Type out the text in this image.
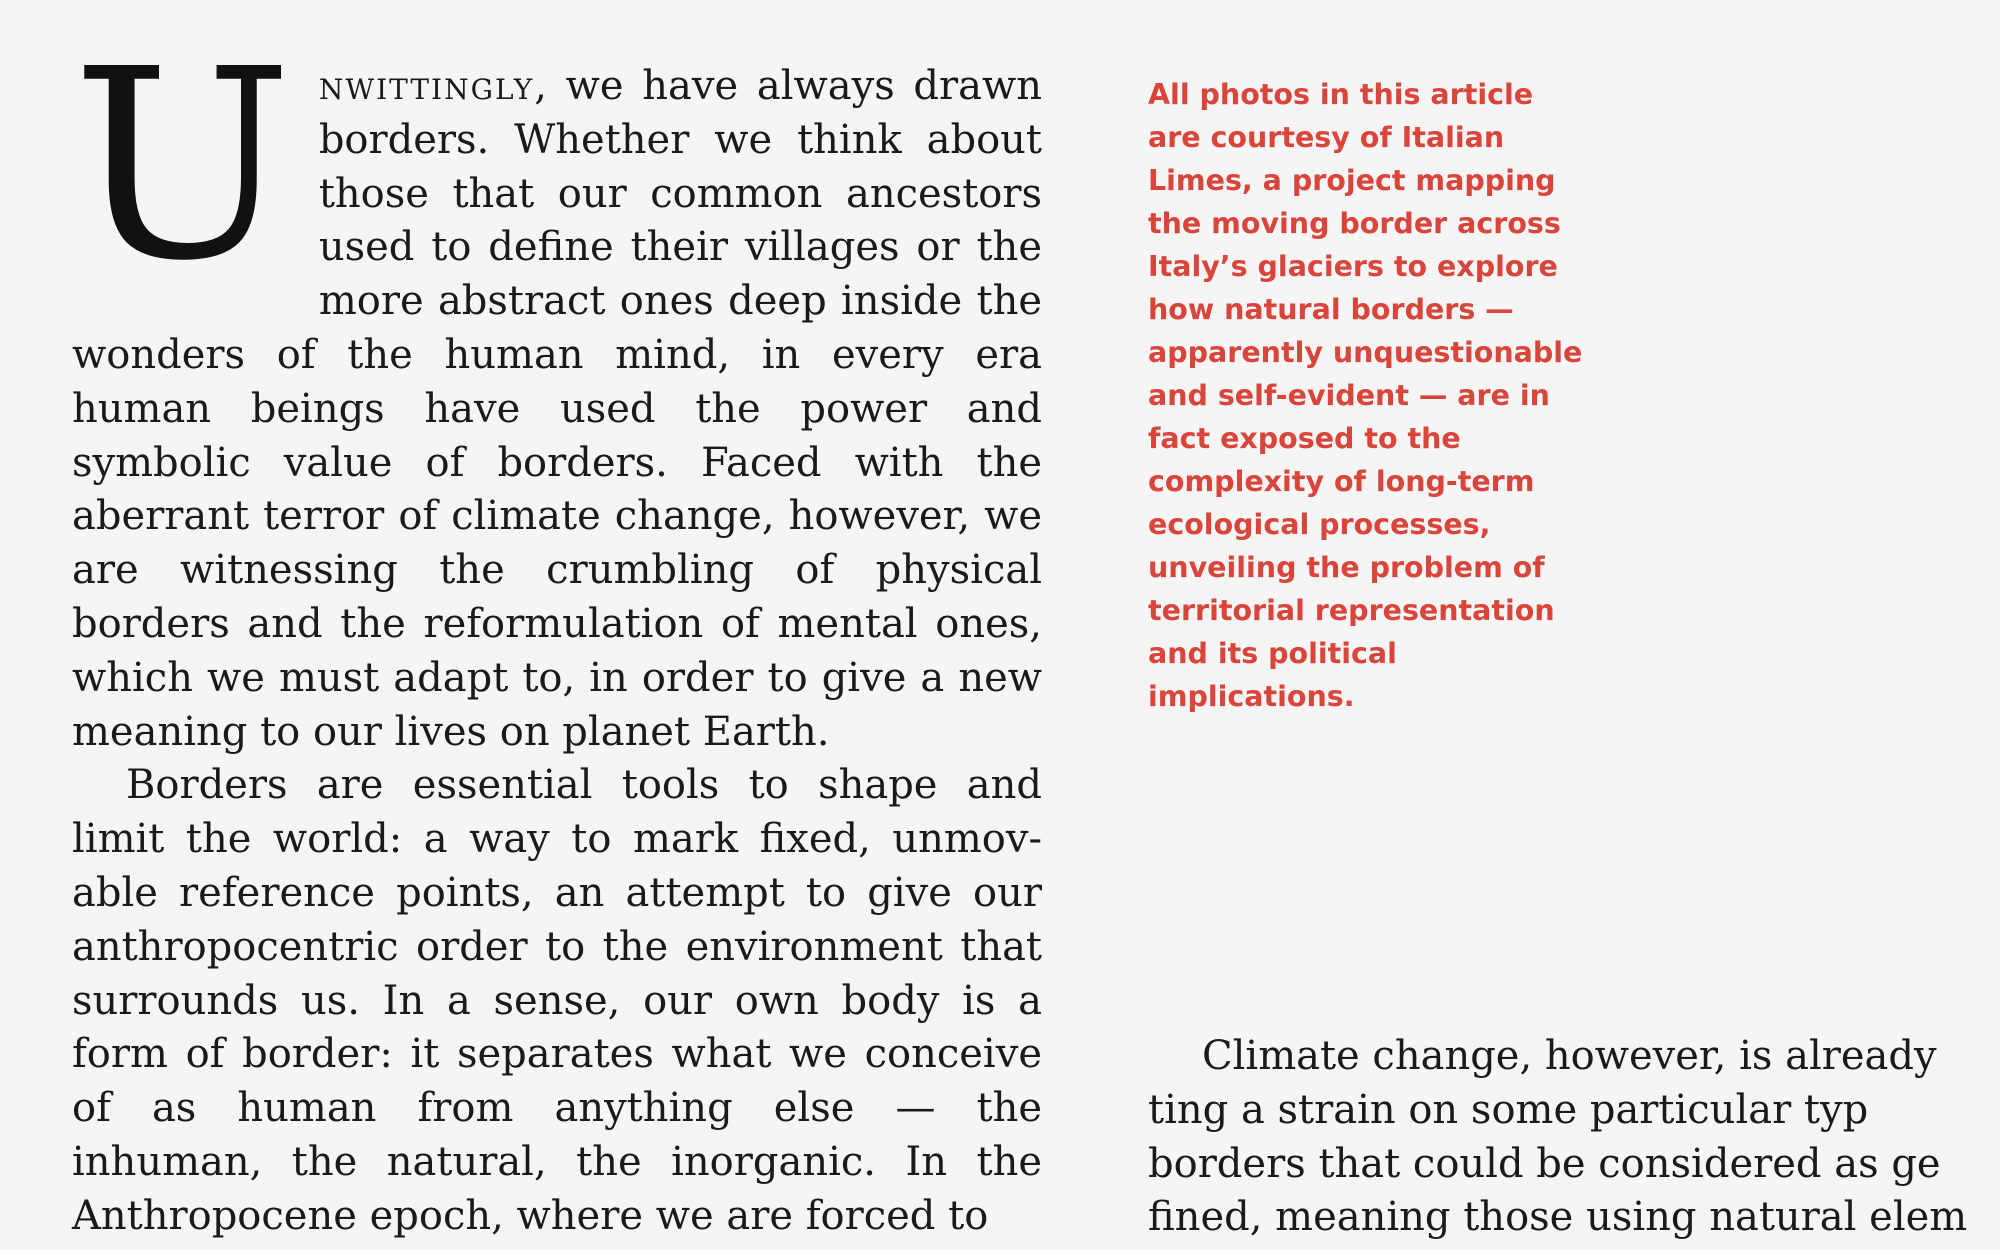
Unwittingly, we have always drawn borders. Whether we think about those that our common ancestors used to define their villages or the more abstract ones deep inside the wonders of the human mind, in every era human beings have used the power and symbolic value of borders. Faced with the aberrant terror of climate change, however, we are witnessing the crumbling of physical borders and the reformulation of mental ones, which we must adapt to, in order to give a new meaning to our lives on planet Earth.

Borders are essential tools to shape and limit the world: a way to mark fixed, unmovable reference points, an attempt to give our anthropocentric order to the environment that surrounds us. In a sense, our own body is a form of border: it separates what we conceive of as human from anything else — the inhuman, the natural, the inorganic. In the Anthropocene epoch, where we are forced to

All photos in this article are courtesy of Italian Limes, a project mapping the moving border across Italy’s glaciers to explore how natural borders — apparently unquestionable and self-evident — are in fact exposed to the complexity of long-term ecological processes, unveiling the problem of territorial representation and its political implications.
Climate change, however, is already
ting a strain on some particular typ
borders that could be considered as ge
fined, meaning those using natural elem
